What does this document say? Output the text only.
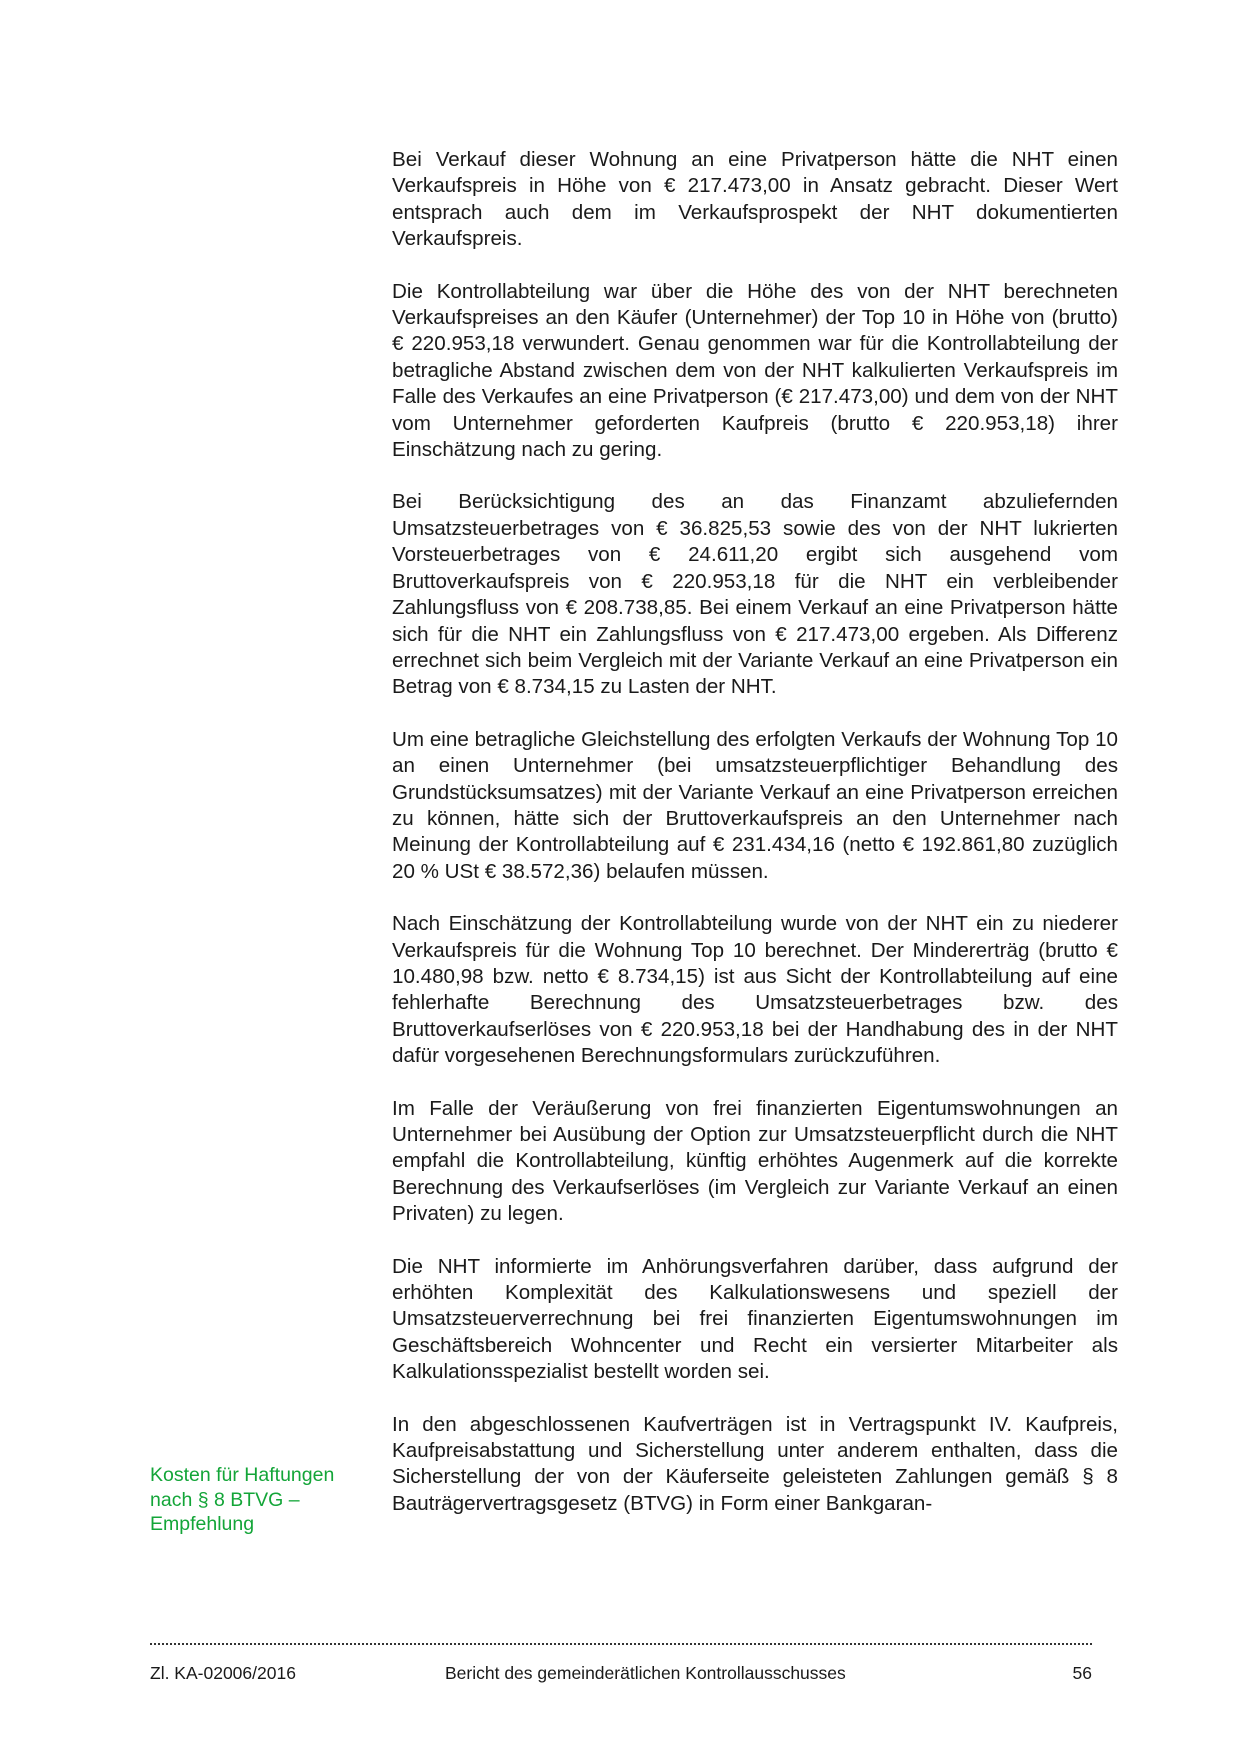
Bei Verkauf dieser Wohnung an eine Privatperson hätte die NHT einen Verkaufspreis in Höhe von € 217.473,00 in Ansatz gebracht. Dieser Wert entsprach auch dem im Verkaufsprospekt der NHT dokumentierten Verkaufspreis.

Die Kontrollabteilung war über die Höhe des von der NHT berechneten Verkaufspreises an den Käufer (Unternehmer) der Top 10 in Höhe von (brutto) € 220.953,18 verwundert. Genau genommen war für die Kontrollabteilung der betragliche Abstand zwischen dem von der NHT kalkulierten Verkaufspreis im Falle des Verkaufes an eine Privatperson (€ 217.473,00) und dem von der NHT vom Unternehmer geforderten Kaufpreis (brutto € 220.953,18) ihrer Einschätzung nach zu gering.

Bei Berücksichtigung des an das Finanzamt abzuliefernden Umsatzsteuerbetrages von € 36.825,53 sowie des von der NHT lukrierten Vorsteuerbetrages von € 24.611,20 ergibt sich ausgehend vom Bruttoverkaufspreis von € 220.953,18 für die NHT ein verbleibender Zahlungsfluss von € 208.738,85. Bei einem Verkauf an eine Privatperson hätte sich für die NHT ein Zahlungsfluss von € 217.473,00 ergeben. Als Differenz errechnet sich beim Vergleich mit der Variante Verkauf an eine Privatperson ein Betrag von € 8.734,15 zu Lasten der NHT.

Um eine betragliche Gleichstellung des erfolgten Verkaufs der Wohnung Top 10 an einen Unternehmer (bei umsatzsteuerpflichtiger Behandlung des Grundstücksumsatzes) mit der Variante Verkauf an eine Privatperson erreichen zu können, hätte sich der Bruttoverkaufspreis an den Unternehmer nach Meinung der Kontrollabteilung auf € 231.434,16 (netto € 192.861,80 zuzüglich 20 % USt € 38.572,36) belaufen müssen.

Nach Einschätzung der Kontrollabteilung wurde von der NHT ein zu niederer Verkaufspreis für die Wohnung Top 10 berechnet. Der Mindererträg (brutto € 10.480,98 bzw. netto € 8.734,15) ist aus Sicht der Kontrollabteilung auf eine fehlerhafte Berechnung des Umsatzsteuerbetrages bzw. des Bruttoverkaufserlöses von € 220.953,18 bei der Handhabung des in der NHT dafür vorgesehenen Berechnungsformulars zurückzuführen.

Im Falle der Veräußerung von frei finanzierten Eigentumswohnungen an Unternehmer bei Ausübung der Option zur Umsatzsteuerpflicht durch die NHT empfahl die Kontrollabteilung, künftig erhöhtes Augenmerk auf die korrekte Berechnung des Verkaufserlöses (im Vergleich zur Variante Verkauf an einen Privaten) zu legen.

Die NHT informierte im Anhörungsverfahren darüber, dass aufgrund der erhöhten Komplexität des Kalkulationswesens und speziell der Umsatzsteuerverrechnung bei frei finanzierten Eigentumswohnungen im Geschäftsbereich Wohncenter und Recht ein versierter Mitarbeiter als Kalkulationsspezialist bestellt worden sei.

In den abgeschlossenen Kaufverträgen ist in Vertragspunkt IV. Kaufpreis, Kaufpreisabstattung und Sicherstellung unter anderem enthalten, dass die Sicherstellung der von der Käuferseite geleisteten Zahlungen gemäß § 8 Bauträgervertragsgesetz (BTVG) in Form einer Bankgaran-

Kosten für Haftungen
nach § 8 BTVG –
Empfehlung
Zl. KA-02006/2016	Bericht des gemeinderätlichen Kontrollausschusses	56
